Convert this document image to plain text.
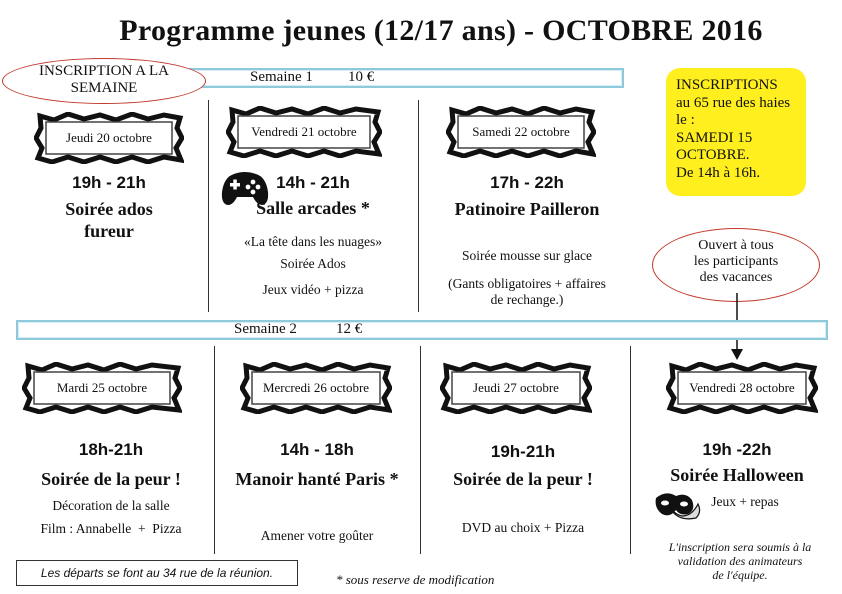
Programme jeunes (12/17 ans) - OCTOBRE 2016
Semaine 1 10 €
INSCRIPTION A LA SEMAINE	INSCRIPTIONS
au 65 rue des haies
le :
SAMEDI 15
OCTOBRE.
De 14h à 16h.
Jeudi 20 octobre
19h - 21h
Soirée ados
fureur
Vendredi 21 octobre
14h - 21h
Salle arcades *
«La tête dans les nuages»
Soirée Ados
Jeux vidéo + pizza
Samedi 22 octobre
17h - 22h
Patinoire Pailleron
Soirée mousse sur glace
(Gants obligatoires + affaires
de rechange.)
Ouvert à tous
les participants
des vacances
Semaine 2	12 €
Mardi 25 octobre
18h-21h
Soirée de la peur !
Décoration de la salle
Film : Annabelle  +  Pizza
Mercredi 26 octobre
14h - 18h
Manoir hanté Paris *
Amener votre goûter
Jeudi 27 octobre
19h-21h
Soirée de la peur !
DVD au choix + Pizza
Vendredi 28 octobre
19h -22h
Soirée Halloween
Jeux + repas
L'inscription sera soumis à la
validation des animateurs
de l'équipe.
Les départs se font au 34 rue de la réunion.	* sous reserve de modification
